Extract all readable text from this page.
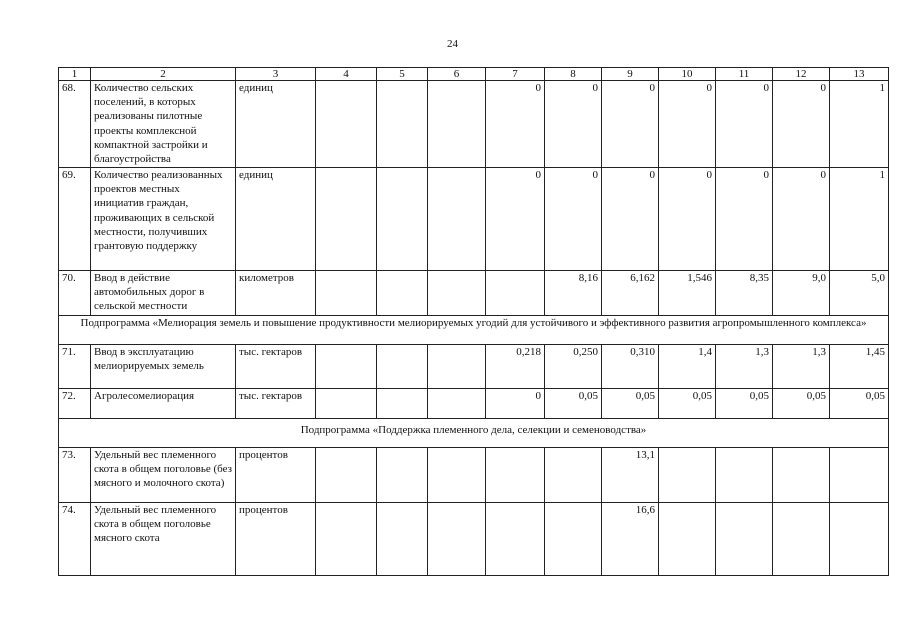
24
1	2	3	4	5	6	7	8	9	10	11	12	13
68.	Количество сельских поселений, в которых реализованы пилотные проекты комплексной компактной застройки и благоустройства	единиц				0	0	0	0	0	0	1
69.	Количество реализованных проектов местных инициатив граждан, проживающих в сельской местности, получивших грантовую поддержку	единиц				0	0	0	0	0	0	1
70.	Ввод в действие автомобильных дорог в сельской местности	километров					8,16	6,162	1,546	8,35	9,0	5,0
Подпрограмма «Мелиорация земель и повышение продуктивности мелиорируемых угодий для устойчивого и эффективного развития агропромышленного комплекса»												
71.	Ввод в эксплуатацию мелиорируемых земель	тыс. гектаров				0,218	0,250	0,310	1,4	1,3	1,3	1,45
72.	Агролесомелиорация	тыс. гектаров				0	0,05	0,05	0,05	0,05	0,05	0,05
Подпрограмма «Поддержка племенного дела, селекции и семеноводства»												
73.	Удельный вес племенного скота в общем поголовье (без мясного и молочного скота)	процентов						13,1				
74.	Удельный вес племенного скота в общем поголовье мясного скота	процентов						16,6				
